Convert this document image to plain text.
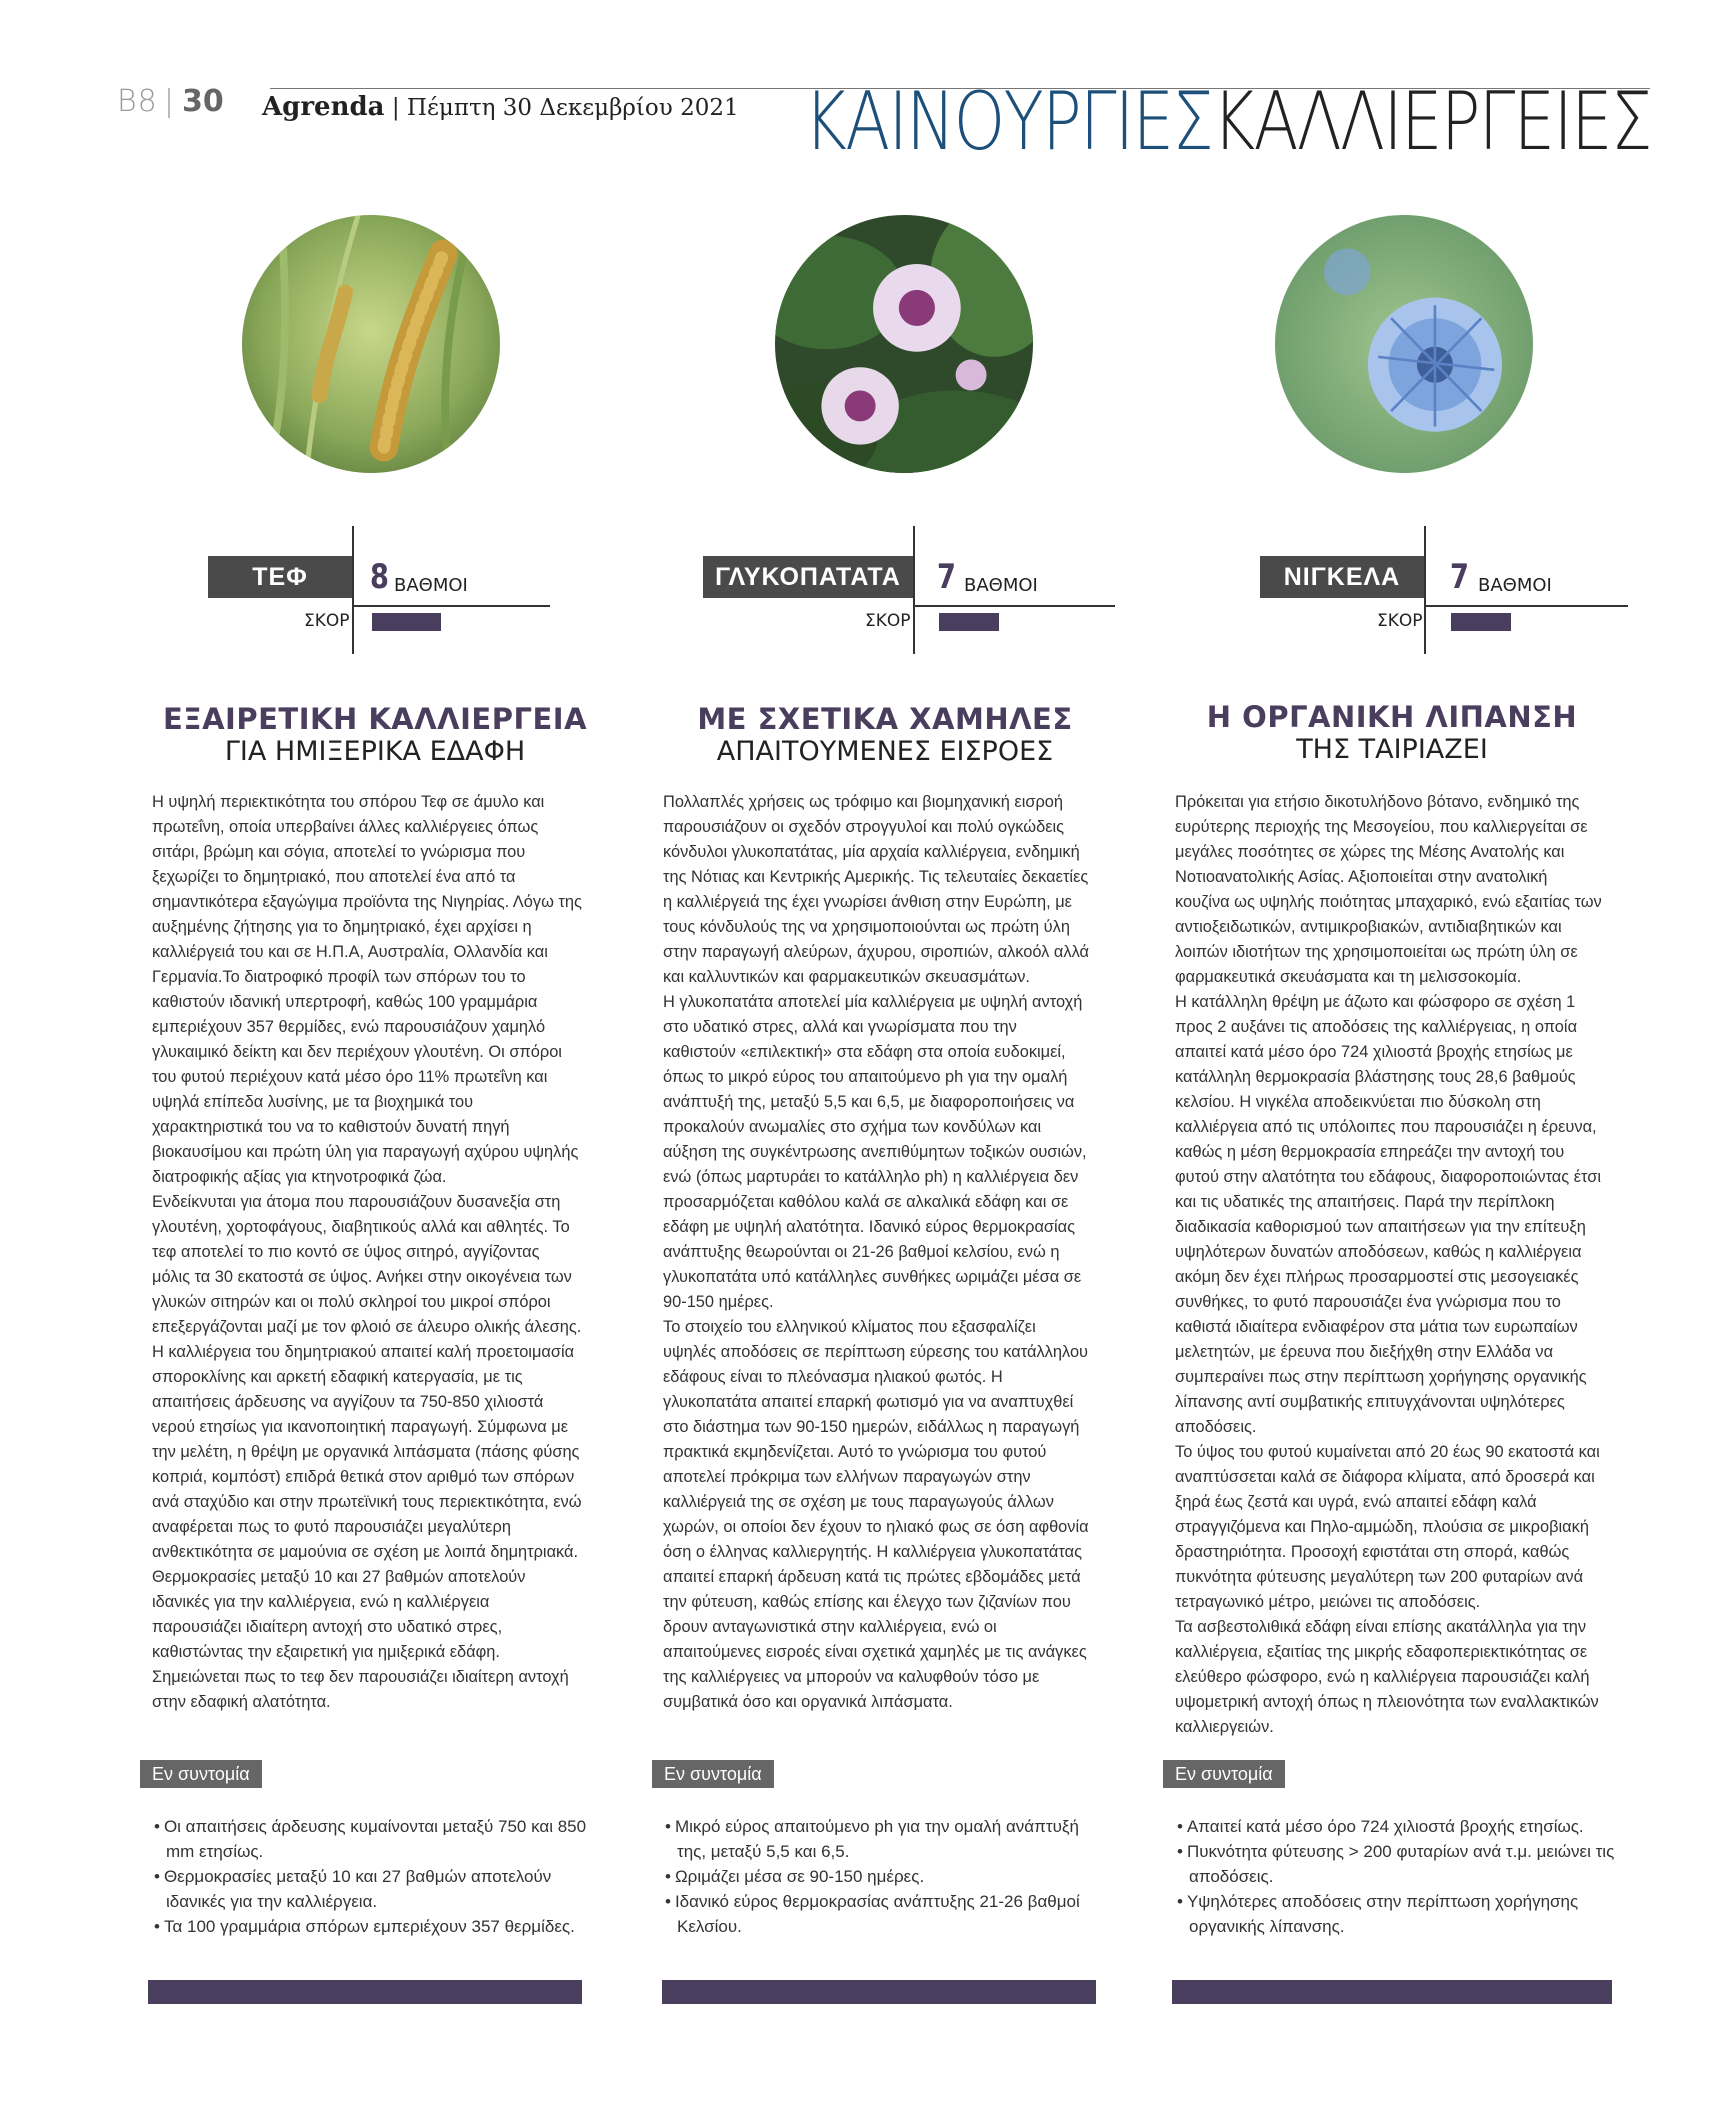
B8 30 Agrenda | Πέμπτη 30 Δεκεμβρίου 2021 ΚΑΙΝΟΥΡΓΙΕΣΚΑΛΛΙΕΡΓΕΙΕΣ
ΤΕΦ	8 ΒΑΘΜΟΙ
ΣΚΟΡ
ΓΛΥΚΟΠΑΤΑΤΑ	7 ΒΑΘΜΟΙ
ΣΚΟΡ
ΝΙΓΚΕΛΑ	7 ΒΑΘΜΟΙ
ΣΚΟΡ
ΕΞΑΙΡΕΤΙΚΗ ΚΑΛΛΙΕΡΓΕΙΑ
ΓΙΑ ΗΜΙΞΕΡΙΚΑ ΕΔΑΦΗ
ΜΕ ΣΧΕΤΙΚΑ ΧΑΜΗΛΕΣ
ΑΠΑΙΤΟΥΜΕΝΕΣ ΕΙΣΡΟΕΣ
Η ΟΡΓΑΝΙΚΗ ΛΙΠΑΝΣΗ
ΤΗΣ ΤΑΙΡΙΑΖΕΙ

Η υψηλή περιεκτικότητα του σπόρου Τεφ σε άμυλο και πρωτεΐνη, οποία υπερβαίνει άλλες καλλιέργειες όπως σιτάρι, βρώμη και σόγια, αποτελεί το γνώρισμα που ξεχωρίζει το δημητριακό, που αποτελεί ένα από τα σημαντικότερα εξαγώγιμα προϊόντα της Νιγηρίας. Λόγω της αυξημένης ζήτησης για το δημητριακό, έχει αρχίσει η καλλιέργειά του και σε Η.Π.Α, Αυστραλία, Ολλανδία και Γερμανία.Το διατροφικό προφίλ των σπόρων του το καθιστούν ιδανική υπερτροφή, καθώς 100 γραμμάρια εμπεριέχουν 357 θερμίδες, ενώ παρουσιάζουν χαμηλό γλυκαιμικό δείκτη και δεν περιέχουν γλουτένη. Οι σπόροι του φυτού περιέχουν κατά μέσο όρο 11% πρωτεΐνη και υψηλά επίπεδα λυσίνης, με τα βιοχημικά του χαρακτηριστικά του να το καθιστούν δυνατή πηγή βιοκαυσίμου και πρώτη ύλη για παραγωγή αχύρου υψηλής διατροφικής αξίας για κτηνοτροφικά ζώα.

Ενδείκνυται για άτομα που παρουσιάζουν δυσανεξία στη γλουτένη, χορτοφάγους, διαβητικούς αλλά και αθλητές. Το τεφ αποτελεί το πιο κοντό σε ύψος σιτηρό, αγγίζοντας μόλις τα 30 εκατοστά σε ύψος. Ανήκει στην οικογένεια των γλυκών σιτηρών και οι πολύ σκληροί του μικροί σπόροι επεξεργάζονται μαζί με τον φλοιό σε άλευρο ολικής άλεσης. Η καλλιέργεια του δημητριακού απαιτεί καλή προετοιμασία σπορoκλίνης και αρκετή εδαφική κατεργασία, με τις απαιτήσεις άρδευσης να αγγίζουν τα 750-850 χιλιοστά νερού ετησίως για ικανοποιητική παραγωγή. Σύμφωνα με την μελέτη, η θρέψη με οργανικά λιπάσματα (πάσης φύσης κοπριά, κομπόστ) επιδρά θετικά στον αριθμό των σπόρων ανά σταχύδιο και στην πρωτεϊνική τους περιεκτικότητα, ενώ αναφέρεται πως το φυτό παρουσιάζει μεγαλύτερη ανθεκτικότητα σε μαμούνια σε σχέση με λοιπά δημητριακά.

Θερμοκρασίες μεταξύ 10 και 27 βαθμών αποτελούν ιδανικές για την καλλιέργεια, ενώ η καλλιέργεια παρουσιάζει ιδιαίτερη αντοχή στο υδατικό στρες, καθιστώντας την εξαιρετική για ημιξερικά εδάφη. Σημειώνεται πως το τεφ δεν παρουσιάζει ιδιαίτερη αντοχή στην εδαφική αλατότητα.

Πολλαπλές χρήσεις ως τρόφιμο και βιομηχανική εισροή παρουσιάζουν οι σχεδόν στρογγυλοί και πολύ ογκώδεις κόνδυλοι γλυκοπατάτας, μία αρχαία καλλιέργεια, ενδημική της Νότιας και Κεντρικής Αμερικής. Τις τελευταίες δεκαετίες η καλλιέργειά της έχει γνωρίσει άνθιση στην Ευρώπη, με τους κόνδυλούς της να χρησιμοποιούνται ως πρώτη ύλη στην παραγωγή αλεύρων, άχυρου, σιροπιών, αλκοόλ αλλά και καλλυντικών και φαρμακευτικών σκευασμάτων.

Η γλυκοπατάτα αποτελεί μία καλλιέργεια με υψηλή αντοχή στο υδατικό στρες, αλλά και γνωρίσματα που την καθιστούν «επιλεκτική» στα εδάφη στα οποία ευδοκιμεί, όπως το μικρό εύρος του απαιτούμενο ph για την ομαλή ανάπτυξή της, μεταξύ 5,5 και 6,5, με διαφοροποιήσεις να προκαλούν ανωμαλίες στο σχήμα των κονδύλων και αύξηση της συγκέντρωσης ανεπιθύμητων τοξικών ουσιών, ενώ (όπως μαρτυράει το κατάλληλο ph) η καλλιέργεια δεν προσαρμόζεται καθόλου καλά σε αλκαλικά εδάφη και σε εδάφη με υψηλή αλατότητα. Ιδανικό εύρος θερμοκρασίας ανάπτυξης θεωρούνται οι 21-26 βαθμοί κελσίου, ενώ η γλυκοπατάτα υπό κατάλληλες συνθήκες ωριμάζει μέσα σε 90-150 ημέρες.

Το στοιχείο του ελληνικού κλίματος που εξασφαλίζει υψηλές αποδόσεις σε περίπτωση εύρεσης του κατάλληλου εδάφους είναι το πλεόνασμα ηλιακού φωτός. Η γλυκοπατάτα απαιτεί επαρκή φωτισμό για να αναπτυχθεί στο διάστημα των 90-150 ημερών, ειδάλλως η παραγωγή πρακτικά εκμηδενίζεται. Αυτό το γνώρισμα του φυτού αποτελεί πρόκριμα των ελλήνων παραγωγών στην καλλιέργειά της σε σχέση με τους παραγωγούς άλλων χωρών, οι οποίοι δεν έχουν το ηλιακό φως σε όση αφθονία όση ο έλληνας καλλιεργητής. Η καλλιέργεια γλυκοπατάτας απαιτεί επαρκή άρδευση κατά τις πρώτες εβδομάδες μετά την φύτευση, καθώς επίσης και έλεγχο των ζιζανίων που δρουν ανταγωνιστικά στην καλλιέργεια, ενώ οι απαιτούμενες εισροές είναι σχετικά χαμηλές με τις ανάγκες της καλλιέργειες να μπορούν να καλυφθούν τόσο με συμβατικά όσο και οργανικά λιπάσματα.

Πρόκειται για ετήσιο δικοτυλήδονο βότανο, ενδημικό της ευρύτερης περιοχής της Μεσογείου, που καλλιεργείται σε μεγάλες ποσότητες σε χώρες της Μέσης Ανατολής και Νοτιοανατολικής Ασίας. Αξιοποιείται στην ανατολική κουζίνα ως υψηλής ποιότητας μπαχαρικό, ενώ εξαιτίας των αντιοξειδωτικών, αντιμικροβιακών, αντιδιαβητικών και λοιπών ιδιοτήτων της χρησιμοποιείται ως πρώτη ύλη σε φαρμακευτικά σκευάσματα και τη μελισσοκομία.

Η κατάλληλη θρέψη με άζωτο και φώσφορο σε σχέση 1 προς 2 αυξάνει τις αποδόσεις της καλλιέργειας, η οποία απαιτεί κατά μέσο όρο 724 χιλιοστά βροχής ετησίως με κατάλληλη θερμοκρασία βλάστησης τους 28,6 βαθμούς κελσίου. Η νιγκέλα αποδεικνύεται πιο δύσκολη στη καλλιέργεια από τις υπόλοιπες που παρουσιάζει η έρευνα, καθώς η μέση θερμοκρασία επηρεάζει την αντοχή του φυτού στην αλατότητα του εδάφους, διαφοροποιώντας έτσι και τις υδατικές της απαιτήσεις. Παρά την περίπλοκη διαδικασία καθορισμού των απαιτήσεων για την επίτευξη υψηλότερων δυνατών αποδόσεων, καθώς η καλλιέργεια ακόμη δεν έχει πλήρως προσαρμοστεί στις μεσογειακές συνθήκες, το φυτό παρουσιάζει ένα γνώρισμα που το καθιστά ιδιαίτερα ενδιαφέρον στα μάτια των ευρωπαίων μελετητών, με έρευνα που διεξήχθη στην Ελλάδα να συμπεραίνει πως στην περίπτωση χορήγησης οργανικής λίπανσης αντί συμβατικής επιτυγχάνονται υψηλότερες αποδόσεις.

Το ύψος του φυτού κυμαίνεται από 20 έως 90 εκατοστά και αναπτύσσεται καλά σε διάφορα κλίματα, από δροσερά και ξηρά έως ζεστά και υγρά, ενώ απαιτεί εδάφη καλά στραγγιζόμενα και Πηλο-αμμώδη, πλούσια σε μικροβιακή δραστηριότητα. Προσοχή εφιστάται στη σπορά, καθώς πυκνότητα φύτευσης μεγαλύτερη των 200 φυταρίων ανά τετραγωνικό μέτρο, μειώνει τις αποδόσεις.

Τα ασβεστολιθικά εδάφη είναι επίσης ακατάλληλα για την καλλιέργεια, εξαιτίας της μικρής εδαφοπεριεκτικότητας σε ελεύθερο φώσφορο, ενώ η καλλιέργεια παρουσιάζει καλή υψομετρική αντοχή όπως η πλειονότητα των εναλλακτικών καλλιεργειών.

Εν συντομία	Εν συντομία	Εν συντομία
• Οι απαιτήσεις άρδευσης κυμαίνονται μεταξύ 750 και 850 mm ετησίως.
• Θερμοκρασίες μεταξύ 10 και 27 βαθμών αποτελούν ιδανικές για την καλλιέργεια.
• Τα 100 γραμμάρια σπόρων εμπεριέχουν 357 θερμίδες.
• Μικρό εύρος απαιτούμενο ph για την ομαλή ανάπτυξή της, μεταξύ 5,5 και 6,5.
• Ωριμάζει μέσα σε 90-150 ημέρες.
• Ιδανικό εύρος θερμοκρασίας ανάπτυξης 21-26 βαθμοί Κελσίου.
• Απαιτεί κατά μέσο όρο 724 χιλιοστά βροχής ετησίως.
• Πυκνότητα φύτευσης > 200 φυταρίων ανά τ.μ. μειώνει τις αποδόσεις.
• Υψηλότερες αποδόσεις στην περίπτωση χορήγησης οργανικής λίπανσης.
